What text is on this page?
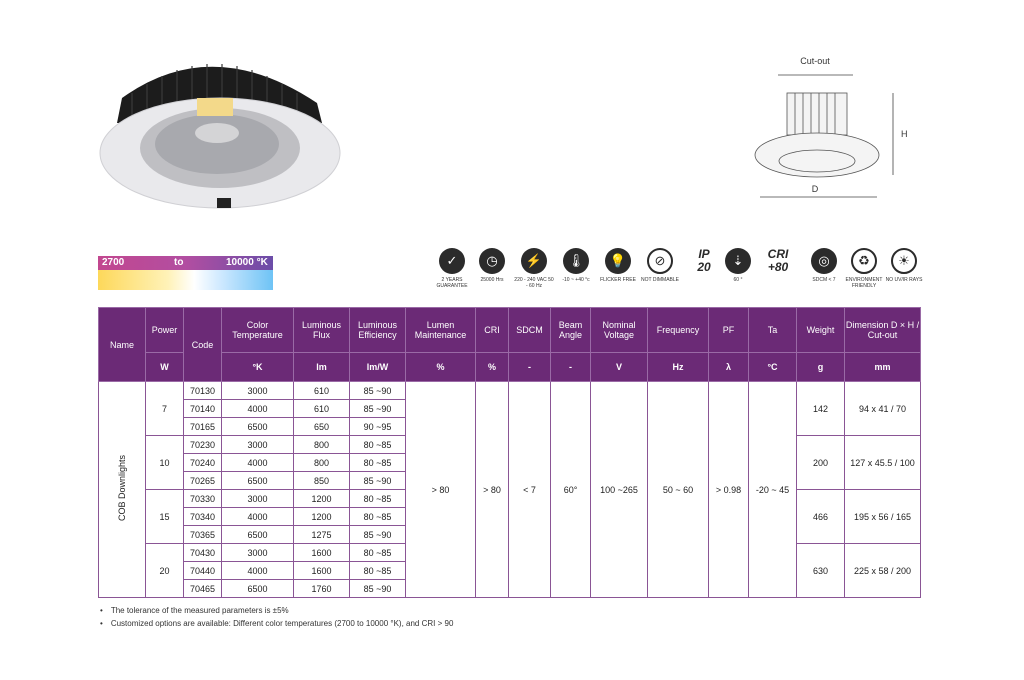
Cut-out
H
D
2700	to	10000 °K	✓
2 YEARS GUARANTEE
◷
25000 Hrs
⚡
220 - 240 VAC 50 - 60 Hz
🌡
-10 ~ +40 °c
💡
FLICKER FREE
⊘
NOT DIMMABLE
IP 20	⇣
60 °
CRI +80	◎
SDCM < 7
♻
ENVIRONMENT FRIENDLY
☀
NO UV/IR RAYS
Name	Power	Code	Color Temperature	Luminous Flux	Luminous Efficiency	Lumen Maintenance	CRI	SDCM	Beam Angle	Nominal Voltage	Frequency	PF	Ta	Weight	Dimension D × H / Cut-out
	W		°K	lm	lm/W	%	%	-	-	V	Hz	λ	°C	g	mm
COB Downlights	7	70130	3000	610	85 ~90	> 80	> 80	< 7	60°	100 ~265	50 ~ 60	> 0.98	-20 ~ 45	142	94 x 41 / 70
		70140	4000	610	85 ~90										
		70165	6500	650	90 ~95										
	10	70230	3000	800	80 ~85									200	127 x 45.5 / 100
		70240	4000	800	80 ~85										
		70265	6500	850	85 ~90										
	15	70330	3000	1200	80 ~85									466	195 x 56 / 165
		70340	4000	1200	80 ~85										
		70365	6500	1275	85 ~90										
	20	70430	3000	1600	80 ~85									630	225 x 58 / 200
		70440	4000	1600	80 ~85										
		70465	6500	1760	85 ~90										
• The tolerance of the measured parameters is ±5%
• Customized options are available: Different color temperatures (2700 to 10000 °K), and CRI > 90
